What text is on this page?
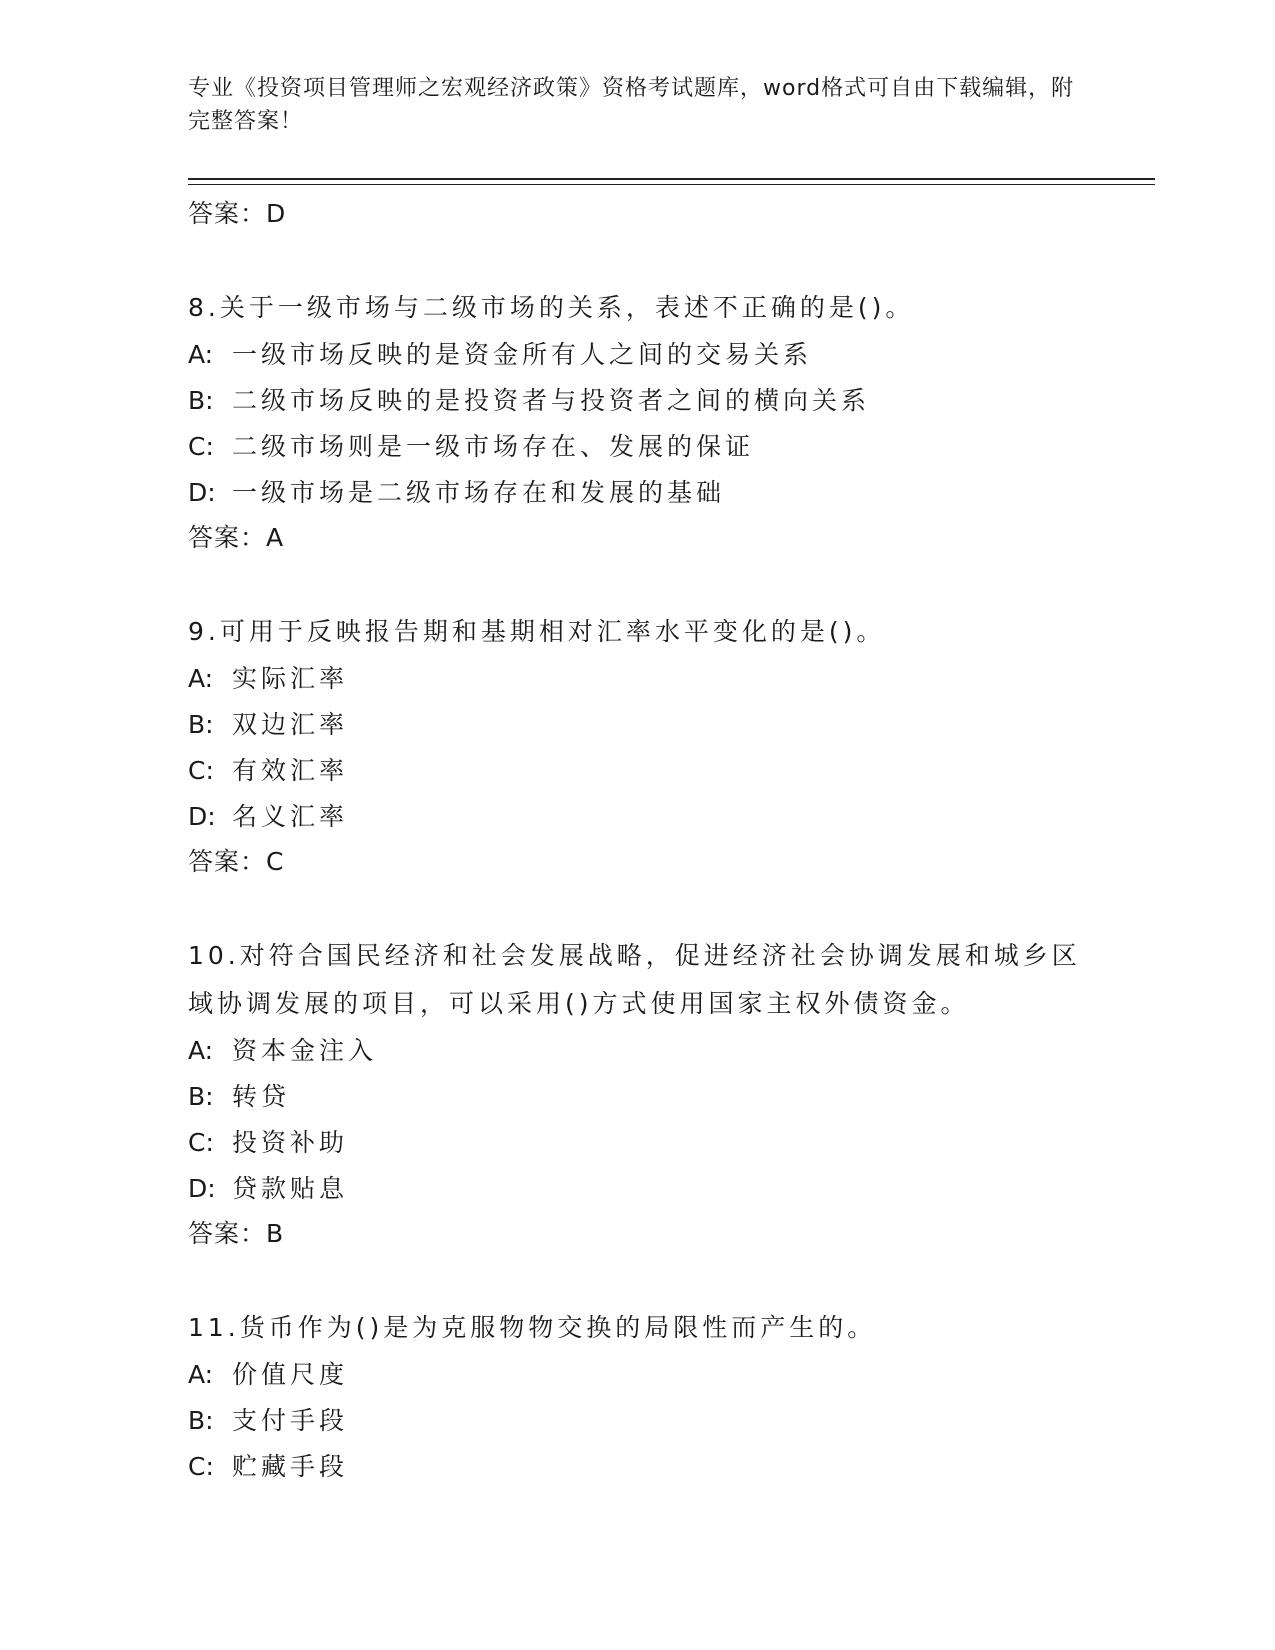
专业《投资项目管理师之宏观经济政策》资格考试题库，word格式可自由下载编辑，附完整答案！
答案：D
8.关于一级市场与二级市场的关系，表述不正确的是()。
A: 一级市场反映的是资金所有人之间的交易关系
B: 二级市场反映的是投资者与投资者之间的横向关系
C: 二级市场则是一级市场存在、发展的保证
D: 一级市场是二级市场存在和发展的基础
答案：A
9.可用于反映报告期和基期相对汇率水平变化的是()。
A: 实际汇率
B: 双边汇率
C: 有效汇率
D: 名义汇率
答案：C
10.对符合国民经济和社会发展战略，促进经济社会协调发展和城乡区域协调发展的项目，可以采用()方式使用国家主权外债资金。
A: 资本金注入
B: 转贷
C: 投资补助
D: 贷款贴息
答案：B
11.货币作为()是为克服物物交换的局限性而产生的。
A: 价值尺度
B: 支付手段
C: 贮藏手段
